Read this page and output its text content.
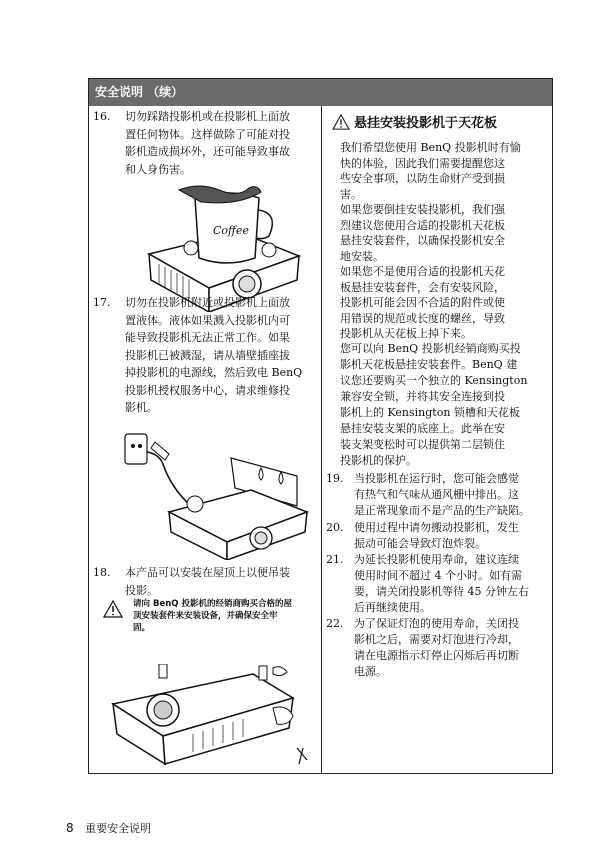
安全说明 （续）
16.	切勿踩踏投影机或在投影机上面放
置任何物体。这样做除了可能对投
影机造成损坏外，还可能导致事故
和人身伤害。
Coffee
17.	切勿在投影机附近或投影机上面放
置液体。液体如果溅入投影机内可
能导致投影机无法正常工作。如果
投影机已被溅湿，请从墙壁插座拔
掉投影机的电源线，然后致电 BenQ
投影机授权服务中心，请求维修投
影机。
18.	本产品可以安装在屋顶上以便吊装
投影。
请向 BenQ 投影机的经销商购买合格的屋
顶安装套件来安装设备，并确保安全牢
固。
悬挂安装投影机于天花板
我们希望您使用 BenQ 投影机时有愉
快的体验，因此我们需要提醒您这
些安全事项，以防生命财产受到损
害。
如果您要倒挂安装投影机，我们强
烈建议您使用合适的投影机天花板
悬挂安装套件，以确保投影机安全
地安装。
如果您不是使用合适的投影机天花
板悬挂安装套件，会有安装风险，
投影机可能会因不合适的附件或使
用错误的规范或长度的螺丝，导致
投影机从天花板上掉下来。
您可以向 BenQ 投影机经销商购买投
影机天花板悬挂安装套件。BenQ 建
议您还要购买一个独立的 Kensington
兼容安全锁，并将其安全连接到投
影机上的 Kensington 锁槽和天花板
悬挂安装支架的底座上。此举在安
装支架变松时可以提供第二层锁住
投影机的保护。
19. 当投影机在运行时，您可能会感觉
有热气和气味从通风栅中排出。这
是正常现象而不是产品的生产缺陷。
20. 使用过程中请勿搬动投影机，发生
振动可能会导致灯泡炸裂。
21. 为延长投影机使用寿命，建议连续
使用时间不超过 4 个小时。如有需
要，请关闭投影机等待 45 分钟左右
后再继续使用。
22. 为了保证灯泡的使用寿命，关闭投
影机之后，需要对灯泡进行冷却，
请在电源指示灯停止闪烁后再切断
电源。
8 重要安全说明
